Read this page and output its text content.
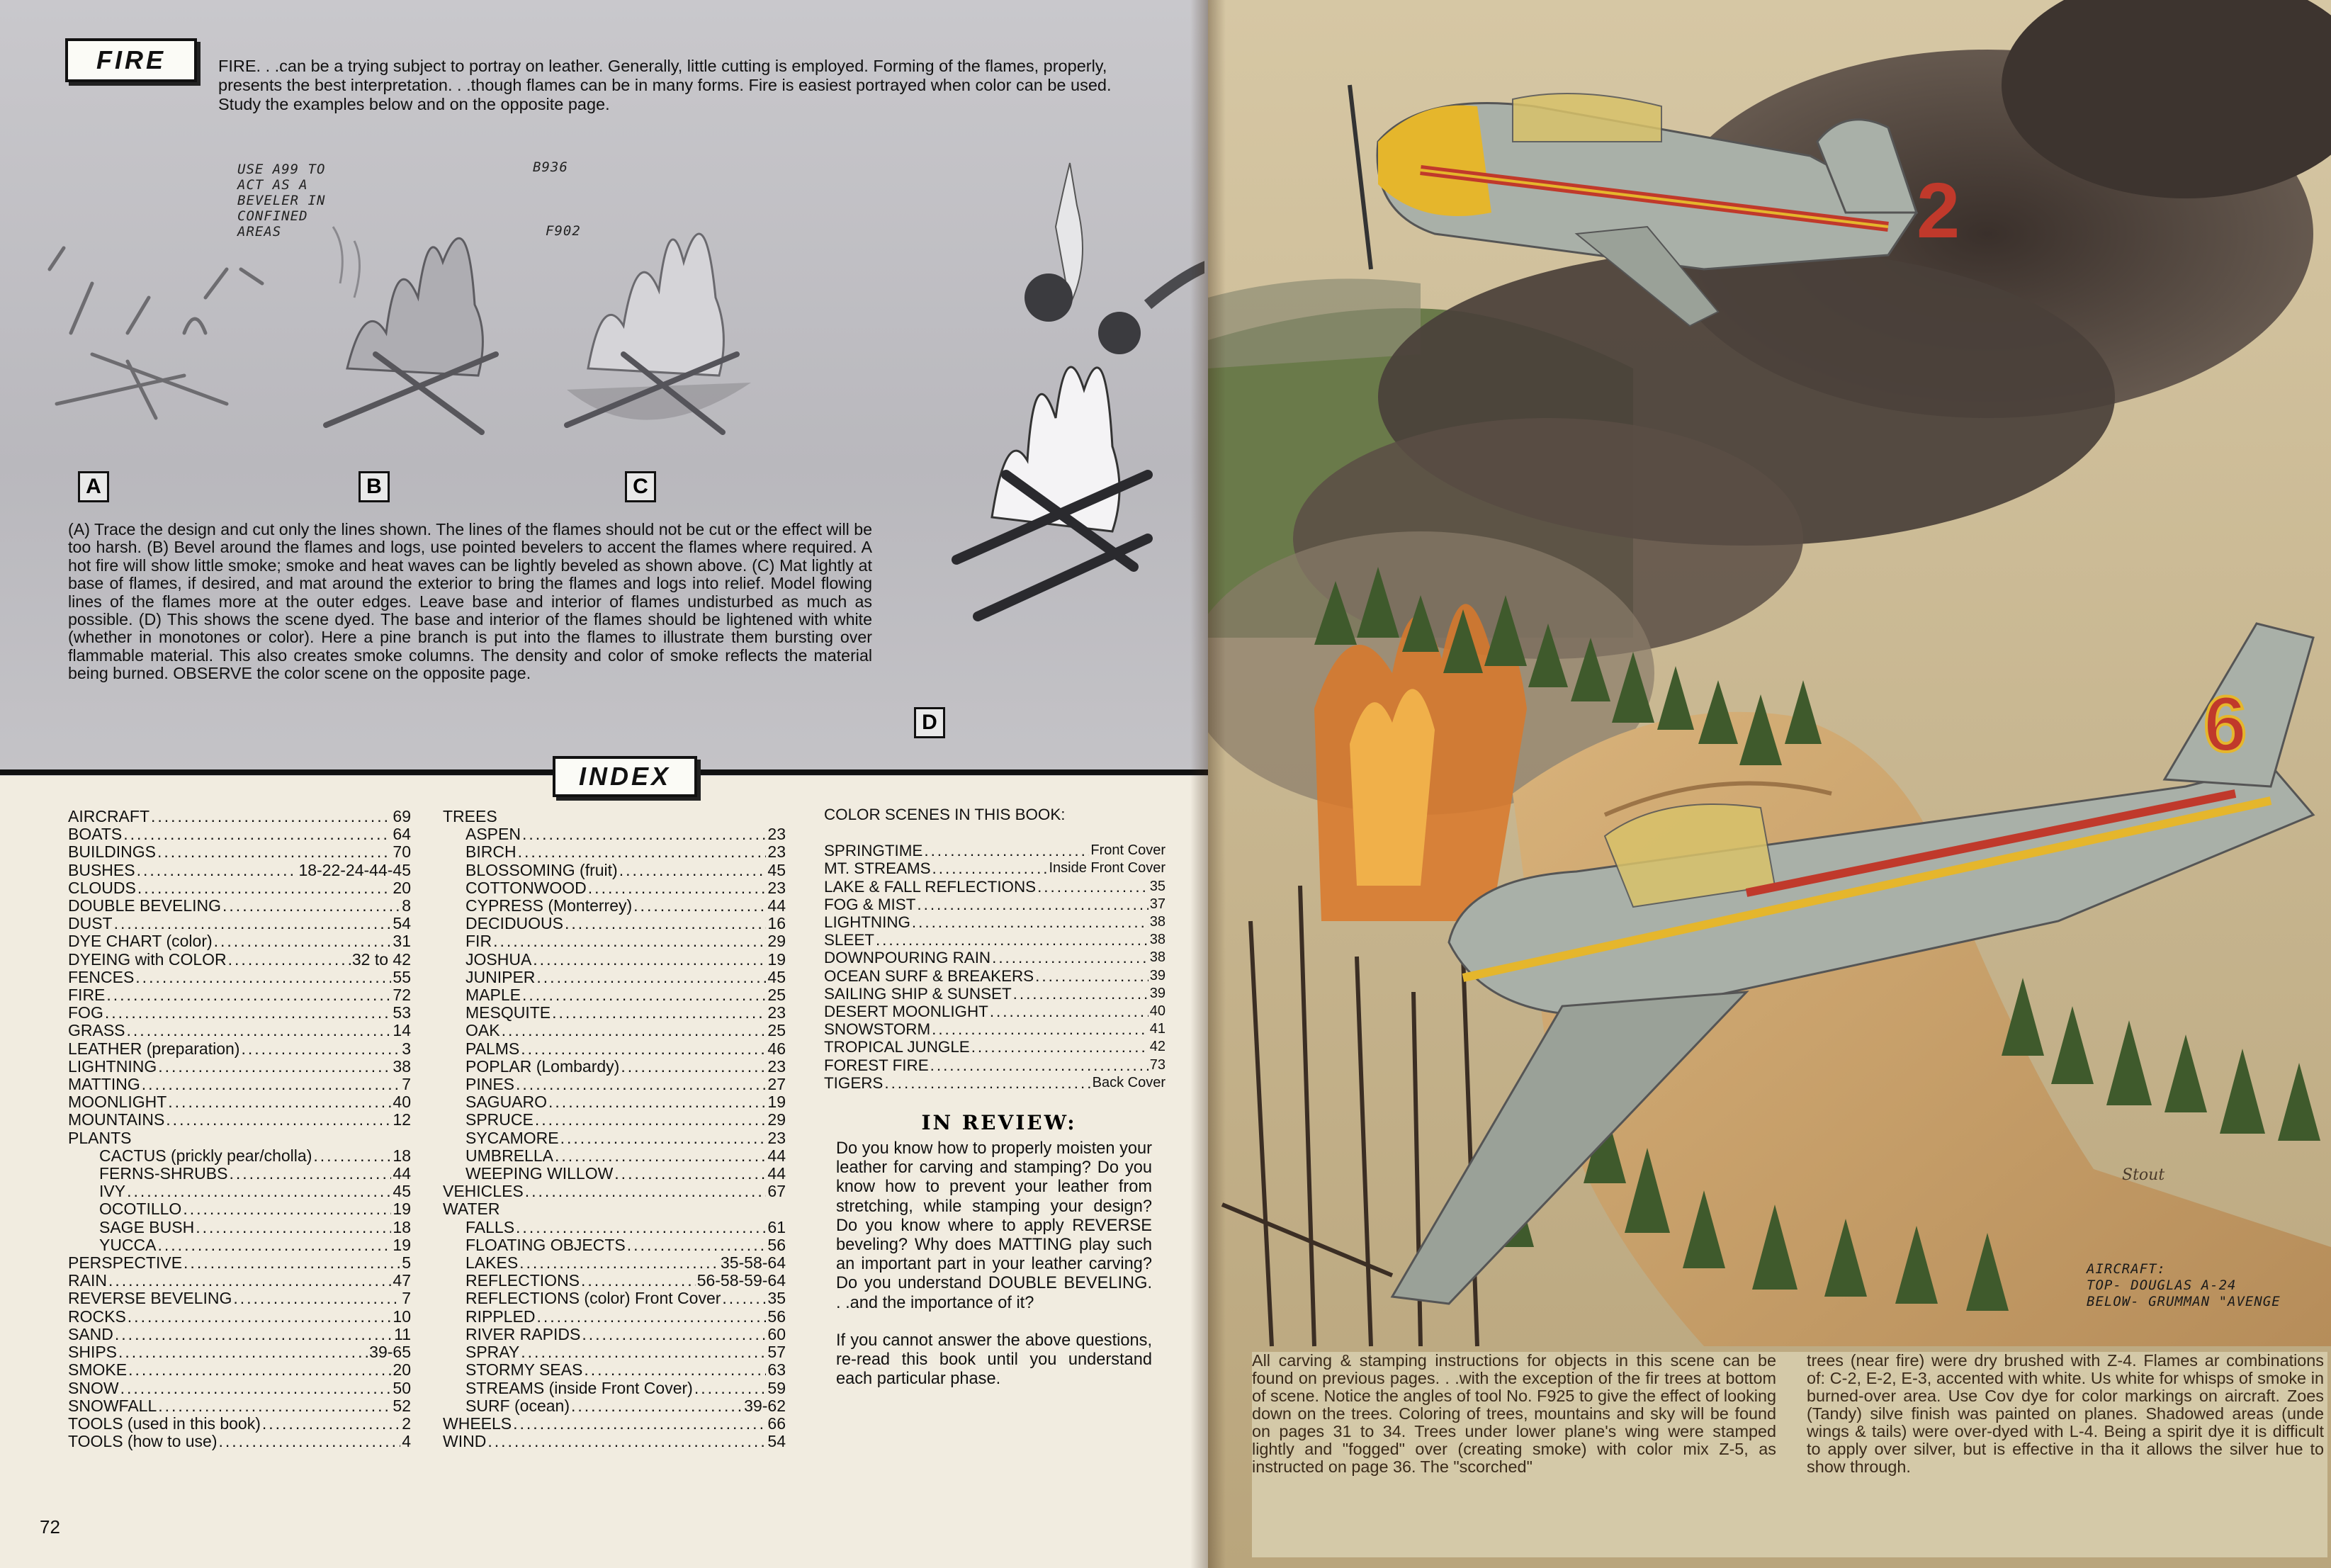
FIRE	FIRE. . .can be a trying subject to portray on leather. Generally, little cutting is employed. Forming of the flames, properly, presents the best interpretation. . .though flames can be in many forms. Fire is easiest portrayed when color can be used. Study the examples below and on the opposite page.
USE A99 TO ACT AS A BEVELER IN CONFINED AREAS
B936
F902
A	B	C
D
(A) Trace the design and cut only the lines shown. The lines of the flames should not be cut or the effect will be too harsh. (B) Bevel around the flames and logs, use pointed bevelers to accent the flames where required. A hot fire will show little smoke; smoke and heat waves can be lightly beveled as shown above. (C) Mat lightly at base of flames, if desired, and mat around the exterior to bring the flames and logs into relief. Model flowing lines of the flames more at the outer edges. Leave base and interior of flames undisturbed as much as possible. (D) This shows the scene dyed. The base and interior of the flames should be lightened with white (whether in monotones or color). Here a pine branch is put into the flames to illustrate them bursting over flammable material. This also creates smoke columns. The density and color of smoke reflects the material being burned. OBSERVE the color scene on the opposite page.
INDEX
AIRCRAFT .....	69
BOATS .....	64
BUILDINGS .....	70
BUSHES .....	18-22-24-44-45
CLOUDS .....	20
DOUBLE BEVELING .....	8
DUST .....	54
DYE CHART (color) .....	31
DYEING with COLOR .....	32 to 42
FENCES .....	55
FIRE .....	72
FOG .....	53
GRASS .....	14
LEATHER (preparation) .....	3
LIGHTNING .....	38
MATTING .....	7
MOONLIGHT .....	40
MOUNTAINS .....	12
PLANTS
CACTUS (prickly pear/cholla) .....	18
FERNS-SHRUBS .....	44
IVY .....	45
OCOTILLO .....	19
SAGE BUSH .....	18
YUCCA .....	19
PERSPECTIVE .....	5
RAIN .....	47
REVERSE BEVELING .....	7
ROCKS .....	10
SAND .....	11
SHIPS .....	39-65
SMOKE .....	20
SNOW .....	50
SNOWFALL .....	52
TOOLS (used in this book) .....	2
TOOLS (how to use) .....	4
TREES
ASPEN .....	23
BIRCH .....	23
BLOSSOMING (fruit) .....	45
COTTONWOOD .....	23
CYPRESS (Monterrey) .....	44
DECIDUOUS .....	16
FIR .....	29
JOSHUA .....	19
JUNIPER .....	45
MAPLE .....	25
MESQUITE .....	23
OAK .....	25
PALMS .....	46
POPLAR (Lombardy) .....	23
PINES .....	27
SAGUARO .....	19
SPRUCE .....	29
SYCAMORE .....	23
UMBRELLA .....	44
WEEPING WILLOW .....	44
VEHICLES .....	67
WATER
FALLS .....	61
FLOATING OBJECTS .....	56
LAKES .....	35-58-64
REFLECTIONS .....	56-58-59-64
REFLECTIONS (color) Front Cover .....	35
RIPPLED .....	56
RIVER RAPIDS .....	60
SPRAY .....	57
STORMY SEAS .....	63
STREAMS (inside Front Cover) .....	59
SURF (ocean) .....	39-62
WHEELS .....	66
WIND .....	54
COLOR SCENES IN THIS BOOK:
SPRINGTIME .....	Front Cover
MT. STREAMS .....	Inside Front Cover
LAKE & FALL REFLECTIONS .....	35
FOG & MIST .....	37
LIGHTNING .....	38
SLEET .....	38
DOWNPOURING RAIN .....	38
OCEAN SURF & BREAKERS .....	39
SAILING SHIP & SUNSET .....	39
DESERT MOONLIGHT .....	40
SNOWSTORM .....	41
TROPICAL JUNGLE .....	42
FOREST FIRE .....	73
TIGERS .....	Back Cover
IN REVIEW:

Do you know how to properly moisten your leather for carving and stamping? Do you know how to prevent your leather from stretching, while stamping your design? Do you know where to apply REVERSE beveling? Why does MATTING play such an important part in your leather carving? Do you understand DOUBLE BEVELING. . .and the importance of it?

If you cannot answer the above questions, re-read this book until you understand each particular phase.

72
2
6
Stout
AIRCRAFT:
TOP- DOUGLAS A-24
BELOW- GRUMMAN "AVENGE
All carving & stamping instructions for objects in this scene can be found on previous pages. . .with the exception of the fir trees at bottom of scene. Notice the angles of tool No. F925 to give the effect of looking down on the trees. Coloring of trees, mountains and sky will be found on pages 31 to 34. Trees under lower plane's wing were stamped lightly and "fogged" over (creating smoke) with color mix Z-5, as instructed on page 36. The "scorched"
trees (near fire) were dry brushed with Z-4. Flames ar combinations of: C-2, E-2, E-3, accented with white. Us white for whisps of smoke in burned-over area. Use Cov dye for color markings on aircraft. Zoes (Tandy) silve finish was painted on planes. Shadowed areas (unde wings & tails) were over-dyed with L-4. Being a spirit dye it is difficult to apply over silver, but is effective in tha it allows the silver hue to show through.
